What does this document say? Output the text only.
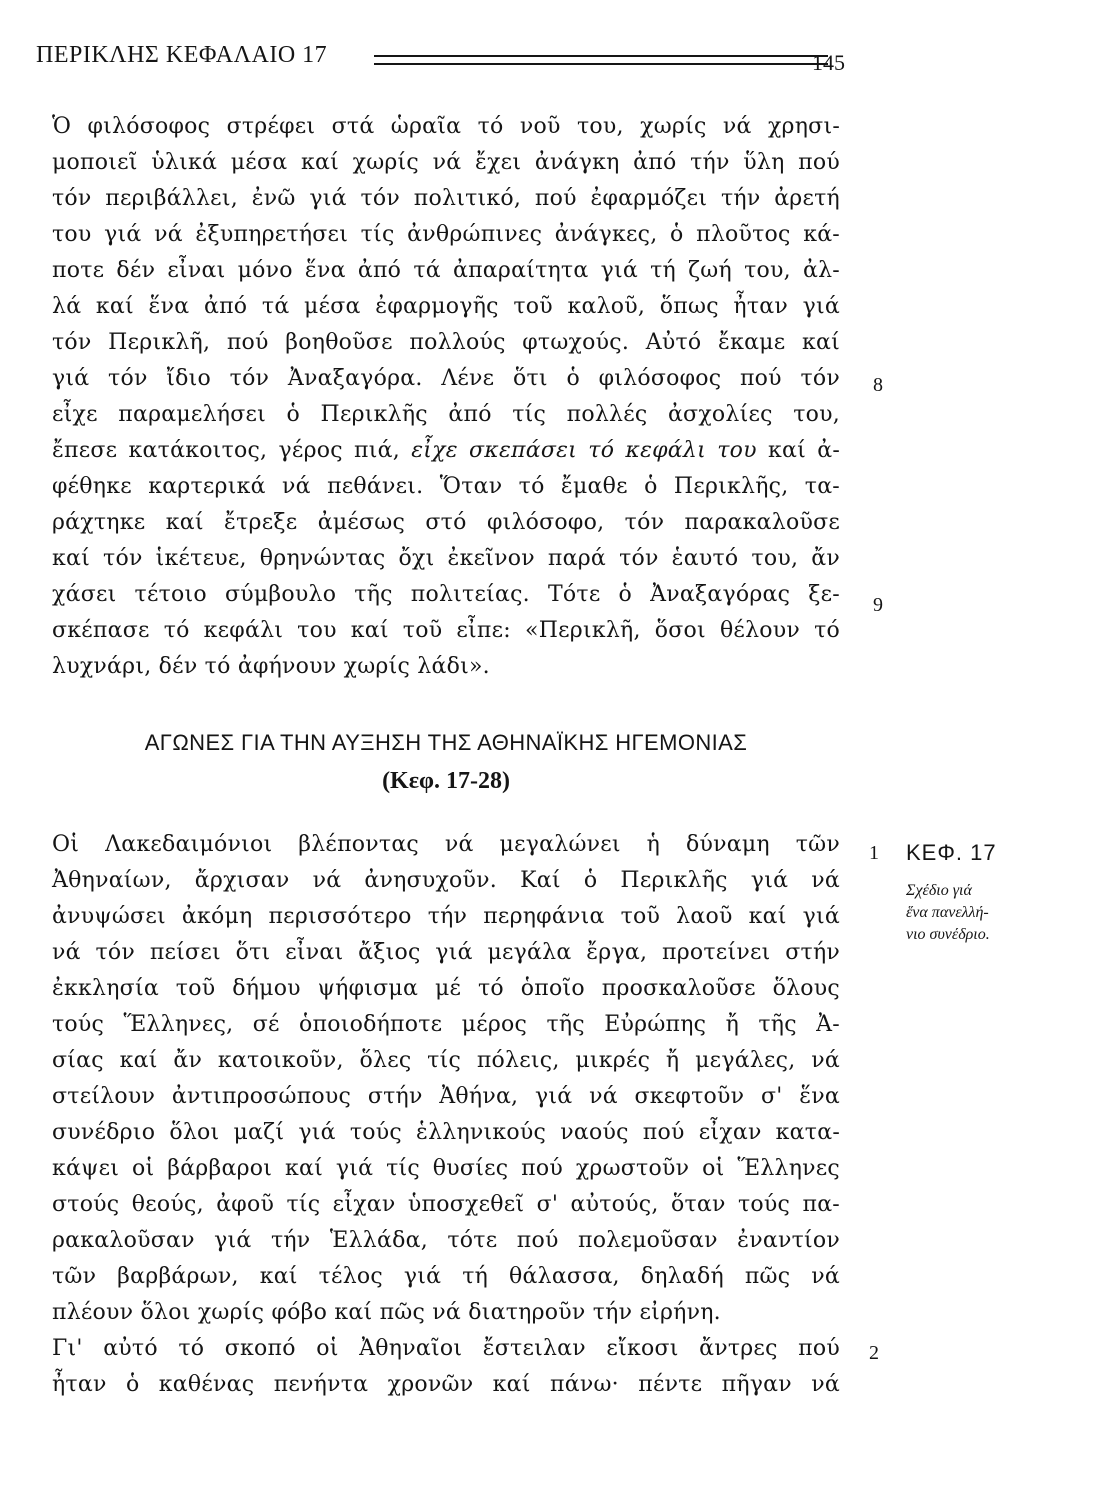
ΠΕΡΙΚΛΗΣ ΚΕΦΑΛΑΙΟ 17	145
Ὁ φιλόσοφος στρέφει στά ὡραῖα τό νοῦ του, χωρίς νά χρησι-
μοποιεῖ ὑλικά μέσα καί χωρίς νά ἔχει ἀνάγκη ἀπό τήν ὕλη πού
τόν περιβάλλει, ἐνῶ γιά τόν πολιτικό, πού ἐφαρμόζει τήν ἀρετή
του γιά νά ἐξυπηρετήσει τίς ἀνθρώπινες ἀνάγκες, ὁ πλοῦτος κά-
ποτε δέν εἶναι μόνο ἕνα ἀπό τά ἀπαραίτητα γιά τή ζωή του, ἀλ-
λά καί ἕνα ἀπό τά μέσα ἐφαρμογῆς τοῦ καλοῦ, ὅπως ἦταν γιά
τόν Περικλῆ, πού βοηθοῦσε πολλούς φτωχούς. Αὐτό ἔκαμε καί
γιά τόν ἴδιο τόν Ἀναξαγόρα. Λένε ὅτι ὁ φιλόσοφος πού τόν
εἶχε παραμελήσει ὁ Περικλῆς ἀπό τίς πολλές ἀσχολίες του,
ἔπεσε κατάκοιτος, γέρος πιά, εἶχε σκεπάσει τό κεφάλι του καί ἀ-
φέθηκε καρτερικά νά πεθάνει. Ὅταν τό ἔμαθε ὁ Περικλῆς, τα-
ράχτηκε καί ἔτρεξε ἀμέσως στό φιλόσοφο, τόν παρακαλοῦσε
καί τόν ἱκέτευε, θρηνώντας ὄχι ἐκεῖνον παρά τόν ἑαυτό του, ἄν
χάσει τέτοιο σύμβουλο τῆς πολιτείας. Τότε ὁ Ἀναξαγόρας ξε-
σκέπασε τό κεφάλι του καί τοῦ εἶπε: «Περικλῆ, ὅσοι θέλουν τό
λυχνάρι, δέν τό ἀφήνουν χωρίς λάδι».
8
9
ΑΓΩΝΕΣ ΓΙΑ ΤΗΝ ΑΥΞΗΣΗ ΤΗΣ ΑΘΗΝΑΪΚΗΣ ΗΓΕΜΟΝΙΑΣ
(Κεφ. 17-28)
ΚΕΦ. 17
Σχέδιο γιά
ἕνα πανελλή-
νιο συνέδριο.
Οἱ Λακεδαιμόνιοι βλέποντας νά μεγαλώνει ἡ δύναμη τῶν
Ἀθηναίων, ἄρχισαν νά ἀνησυχοῦν. Καί ὁ Περικλῆς γιά νά
ἀνυψώσει ἀκόμη περισσότερο τήν περηφάνια τοῦ λαοῦ καί γιά
νά τόν πείσει ὅτι εἶναι ἄξιος γιά μεγάλα ἔργα, προτείνει στήν
ἐκκλησία τοῦ δήμου ψήφισμα μέ τό ὁποῖο προσκαλοῦσε ὅλους
τούς Ἕλληνες, σέ ὁποιοδήποτε μέρος τῆς Εὐρώπης ἤ τῆς Ἀ-
σίας καί ἄν κατοικοῦν, ὅλες τίς πόλεις, μικρές ἤ μεγάλες, νά
στείλουν ἀντιπροσώπους στήν Ἀθήνα, γιά νά σκεφτοῦν σ' ἕνα
συνέδριο ὅλοι μαζί γιά τούς ἑλληνικούς ναούς πού εἶχαν κατα-
κάψει οἱ βάρβαροι καί γιά τίς θυσίες πού χρωστοῦν οἱ Ἕλληνες
στούς θεούς, ἀφοῦ τίς εἶχαν ὑποσχεθεῖ σ' αὐτούς, ὅταν τούς πα-
ρακαλοῦσαν γιά τήν Ἑλλάδα, τότε πού πολεμοῦσαν ἐναντίον
τῶν βαρβάρων, καί τέλος γιά τή θάλασσα, δηλαδή πῶς νά
πλέουν ὅλοι χωρίς φόβο καί πῶς νά διατηροῦν τήν εἰρήνη.
1
Γι' αὐτό τό σκοπό οἱ Ἀθηναῖοι ἔστειλαν εἴκοσι ἄντρες πού
ἦταν ὁ καθένας πενήντα χρονῶν καί πάνω· πέντε πῆγαν νά
2
